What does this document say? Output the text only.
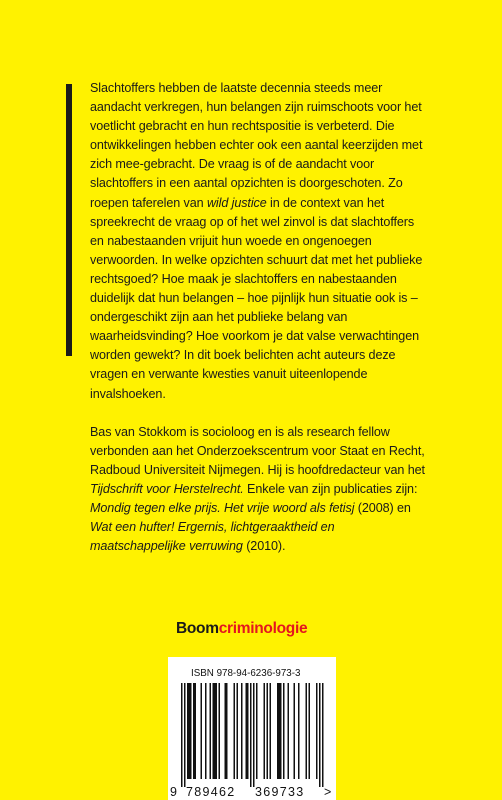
Slachtoffers hebben de laatste decennia steeds meer aandacht verkregen, hun belangen zijn ruimschoots voor het voetlicht gebracht en hun rechtspositie is verbeterd. Die ontwikkelingen hebben echter ook een aantal keerzijden met zich mee-gebracht. De vraag is of de aandacht voor slachtoffers in een aantal opzichten is doorgeschoten. Zo roepen taferelen van wild justice in de context van het spreekrecht de vraag op of het wel zinvol is dat slachtoffers en nabestaanden vrijuit hun woede en ongenoegen verwoorden. In welke opzichten schuurt dat met het publieke rechtsgoed? Hoe maak je slachtoffers en nabestaanden duidelijk dat hun belangen – hoe pijnlijk hun situatie ook is – ondergeschikt zijn aan het publieke belang van waarheidsvinding? Hoe voorkom je dat valse verwachtingen worden gewekt? In dit boek belichten acht auteurs deze vragen en verwante kwesties vanuit uiteenlopende invalshoeken.

Bas van Stokkom is socioloog en is als research fellow verbonden aan het Onderzoekscentrum voor Staat en Recht, Radboud Universiteit Nijmegen. Hij is hoofdredacteur van het Tijdschrift voor Herstelrecht. Enkele van zijn publicaties zijn: Mondig tegen elke prijs. Het vrije woord als fetisj (2008) en Wat een hufter! Ergernis, lichtgeraaktheid en maatschappelijke verruwing (2010).

Boomcriminologie
ISBN 978-94-6236-973-3
9 789462 369733 >
